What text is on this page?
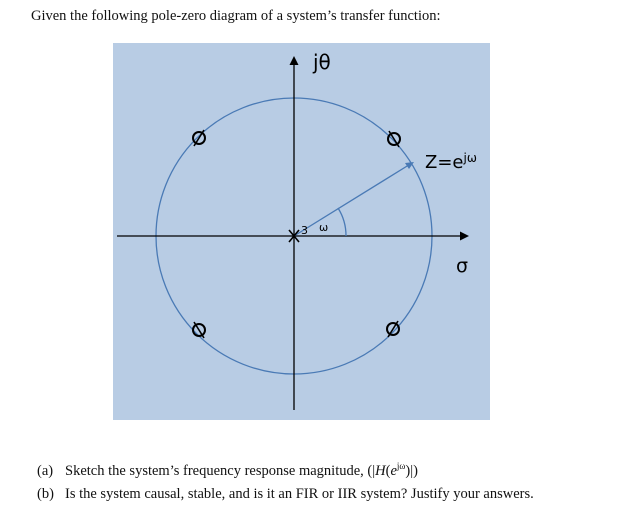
Given the following pole-zero diagram of a system’s transfer function:
jθ
σ
ω
$Z=e^{j\omega}$
3
(a) Sketch the system’s frequency response magnitude, $(|H(e^{j\omega})|)$
(b) Is the system causal, stable, and is it an FIR or IIR system? Justify your answers.
